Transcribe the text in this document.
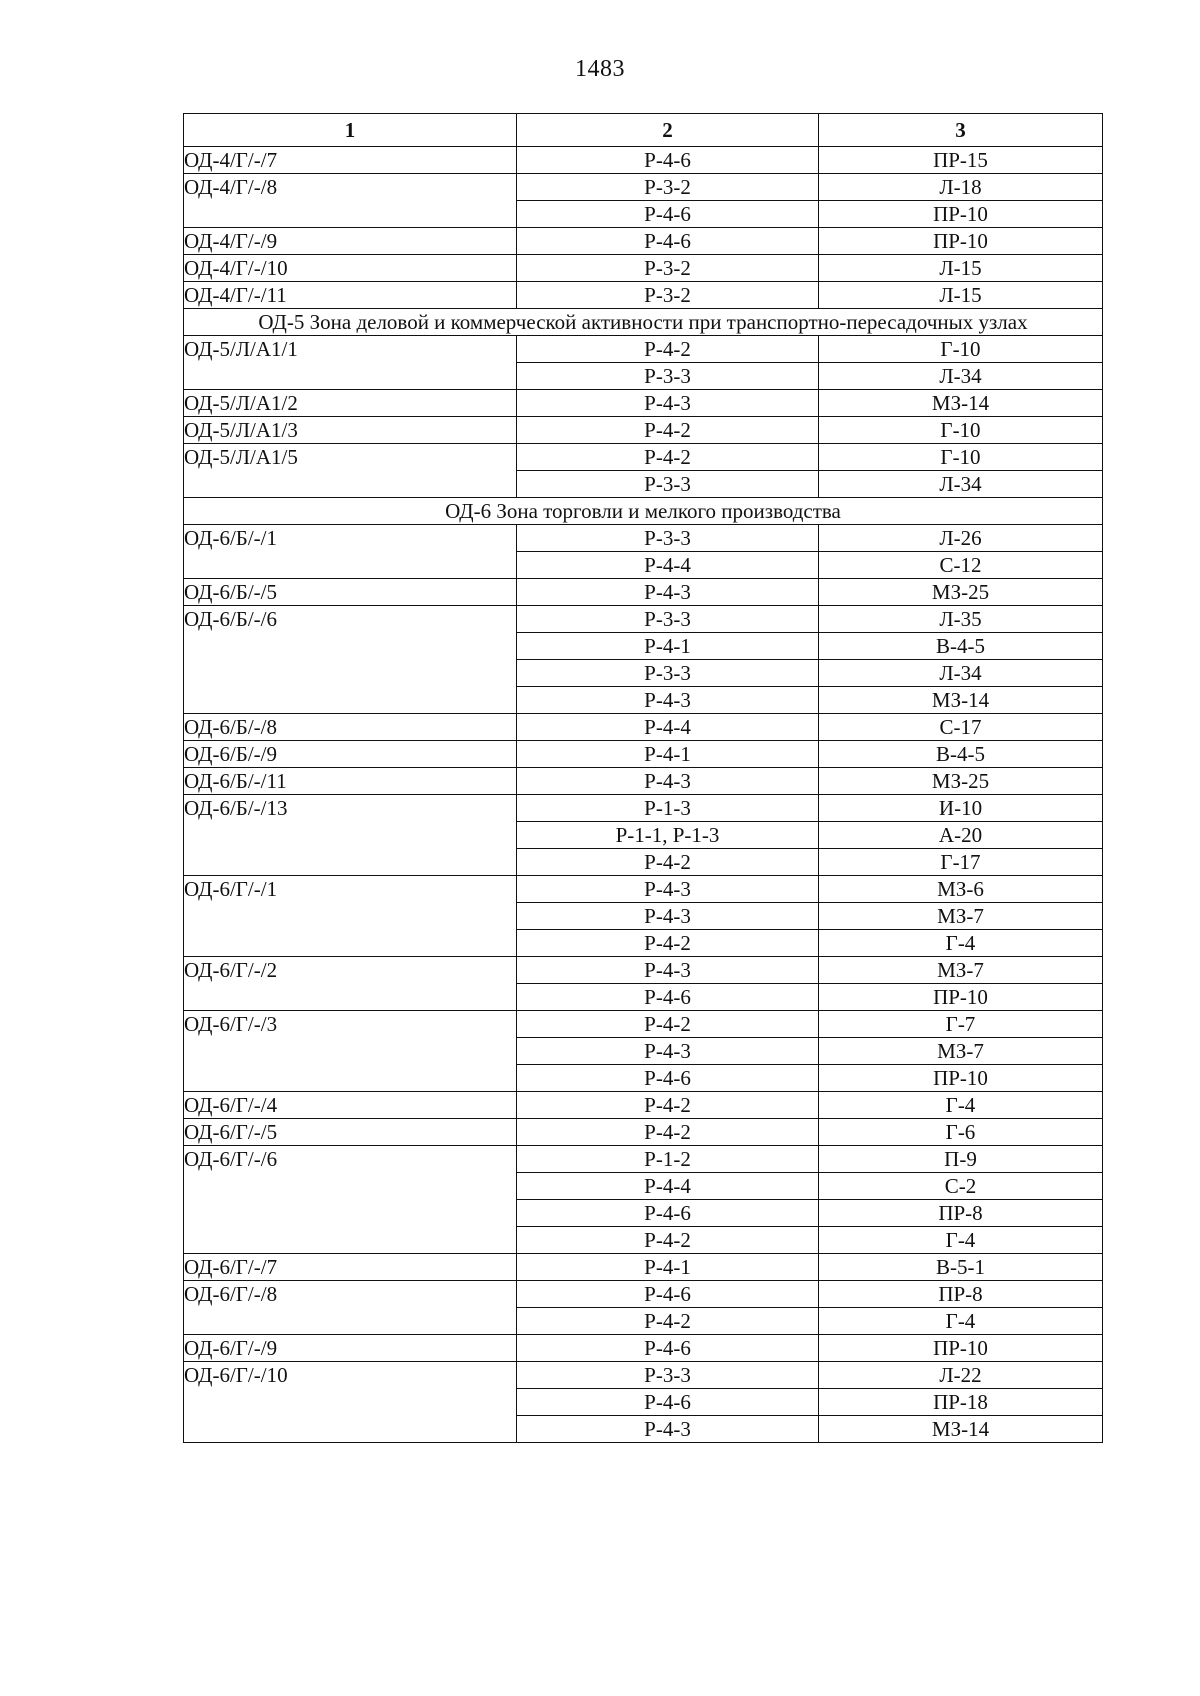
1483
1	2	3
ОД-4/Г/-/7	Р-4-6	ПР-15
ОД-4/Г/-/8	Р-3-2	Л-18
	Р-4-6	ПР-10
ОД-4/Г/-/9	Р-4-6	ПР-10
ОД-4/Г/-/10	Р-3-2	Л-15
ОД-4/Г/-/11	Р-3-2	Л-15
ОД-5 Зона деловой и коммерческой активности при транспортно-пересадочных узлах		
ОД-5/Л/А1/1	Р-4-2	Г-10
	Р-3-3	Л-34
ОД-5/Л/А1/2	Р-4-3	МЗ-14
ОД-5/Л/А1/3	Р-4-2	Г-10
ОД-5/Л/А1/5	Р-4-2	Г-10
	Р-3-3	Л-34
ОД-6 Зона торговли и мелкого производства		
ОД-6/Б/-/1	Р-3-3	Л-26
	Р-4-4	С-12
ОД-6/Б/-/5	Р-4-3	МЗ-25
ОД-6/Б/-/6	Р-3-3	Л-35
	Р-4-1	В-4-5
	Р-3-3	Л-34
	Р-4-3	МЗ-14
ОД-6/Б/-/8	Р-4-4	С-17
ОД-6/Б/-/9	Р-4-1	В-4-5
ОД-6/Б/-/11	Р-4-3	МЗ-25
ОД-6/Б/-/13	Р-1-3	И-10
	Р-1-1, Р-1-3	А-20
	Р-4-2	Г-17
ОД-6/Г/-/1	Р-4-3	МЗ-6
	Р-4-3	МЗ-7
	Р-4-2	Г-4
ОД-6/Г/-/2	Р-4-3	МЗ-7
	Р-4-6	ПР-10
ОД-6/Г/-/3	Р-4-2	Г-7
	Р-4-3	МЗ-7
	Р-4-6	ПР-10
ОД-6/Г/-/4	Р-4-2	Г-4
ОД-6/Г/-/5	Р-4-2	Г-6
ОД-6/Г/-/6	Р-1-2	П-9
	Р-4-4	С-2
	Р-4-6	ПР-8
	Р-4-2	Г-4
ОД-6/Г/-/7	Р-4-1	В-5-1
ОД-6/Г/-/8	Р-4-6	ПР-8
	Р-4-2	Г-4
ОД-6/Г/-/9	Р-4-6	ПР-10
ОД-6/Г/-/10	Р-3-3	Л-22
	Р-4-6	ПР-18
	Р-4-3	МЗ-14
